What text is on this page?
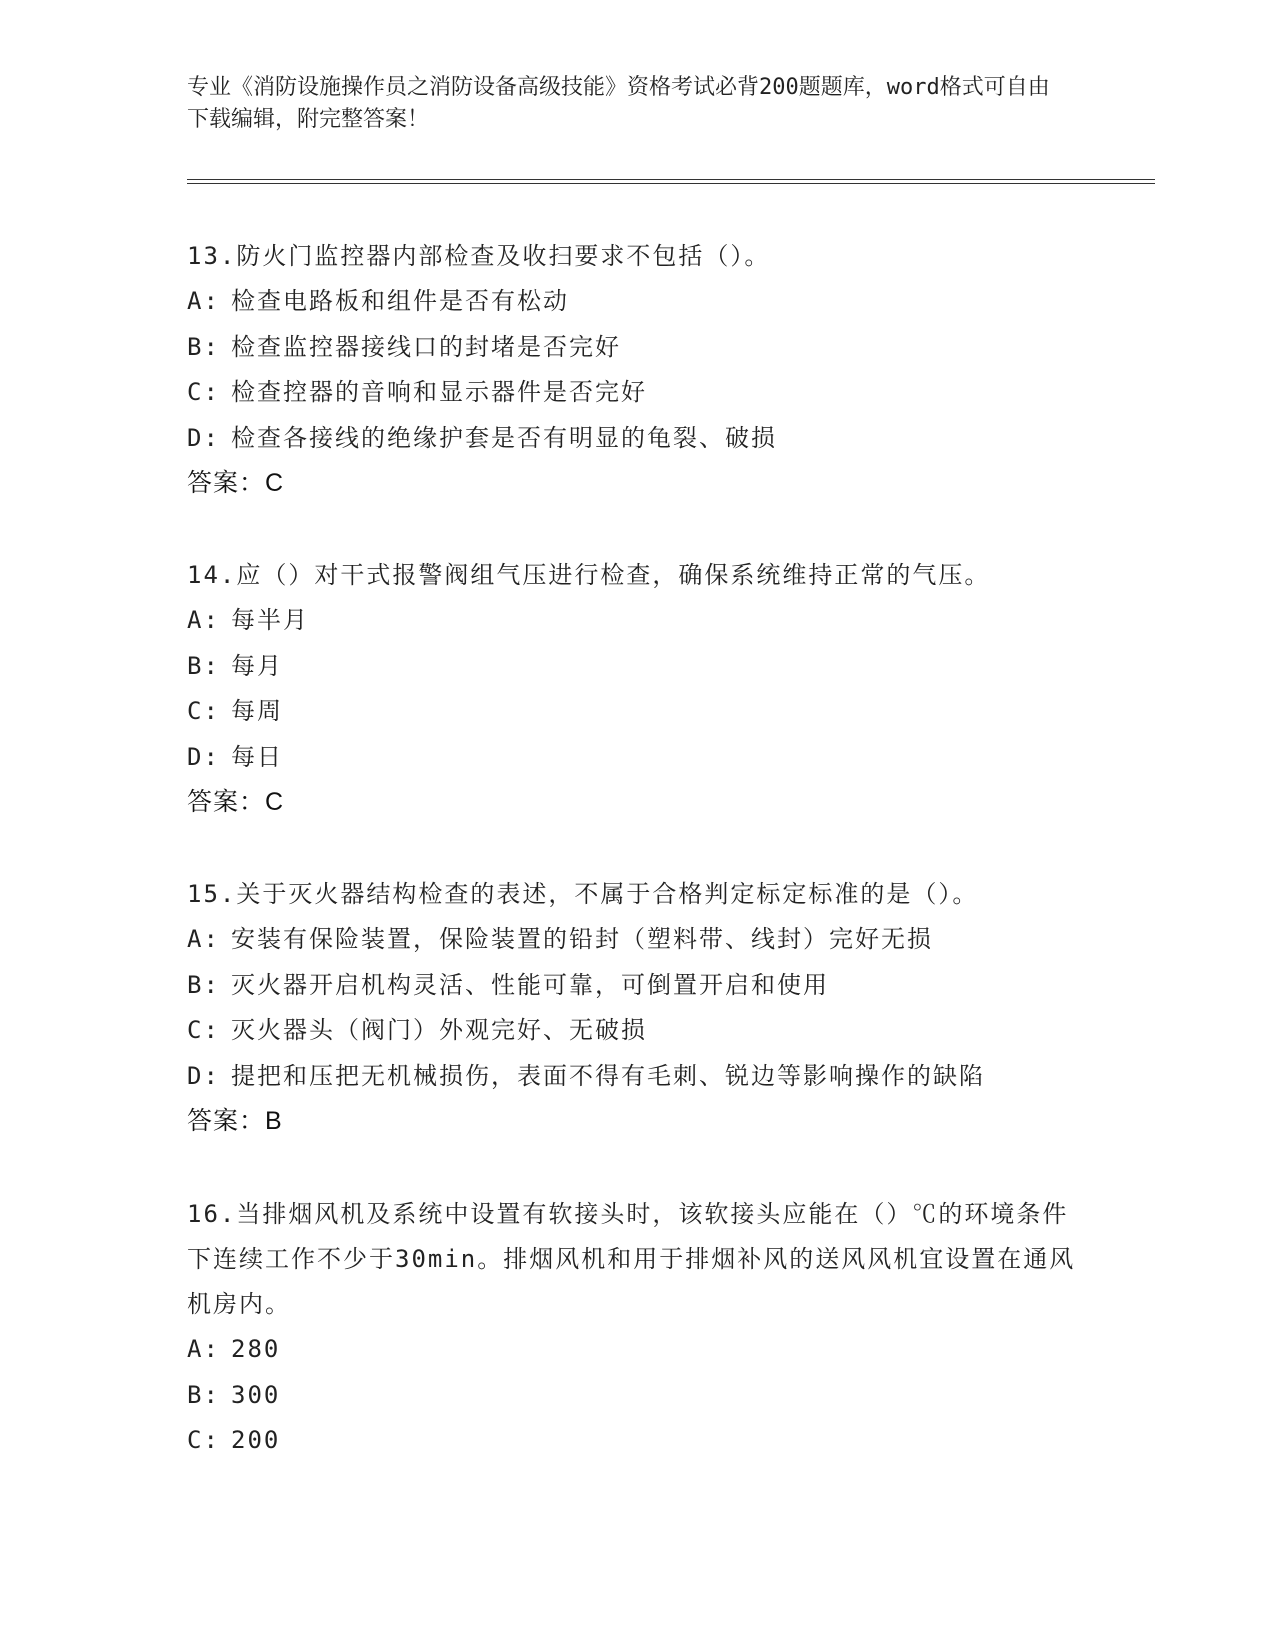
专业《消防设施操作员之消防设备高级技能》资格考试必背200题题库，word格式可自由下载编辑，附完整答案！

13.防火门监控器内部检查及收扫要求不包括（）。

A: 检查电路板和组件是否有松动

B: 检查监控器接线口的封堵是否完好

C: 检查控器的音响和显示器件是否完好

D: 检查各接线的绝缘护套是否有明显的龟裂、破损

答案：C

14.应（）对干式报警阀组气压进行检查，确保系统维持正常的气压。

A: 每半月

B: 每月

C: 每周

D: 每日

答案：C

15.关于灭火器结构检查的表述，不属于合格判定标定标准的是（）。

A: 安装有保险装置，保险装置的铅封（塑料带、线封）完好无损

B: 灭火器开启机构灵活、性能可靠，可倒置开启和使用

C: 灭火器头（阀门）外观完好、无破损

D: 提把和压把无机械损伤，表面不得有毛刺、锐边等影响操作的缺陷

答案：B

16.当排烟风机及系统中设置有软接头时，该软接头应能在（）℃的环境条件下连续工作不少于30min。排烟风机和用于排烟补风的送风风机宜设置在通风机房内。

A: 280

B: 300

C: 200
